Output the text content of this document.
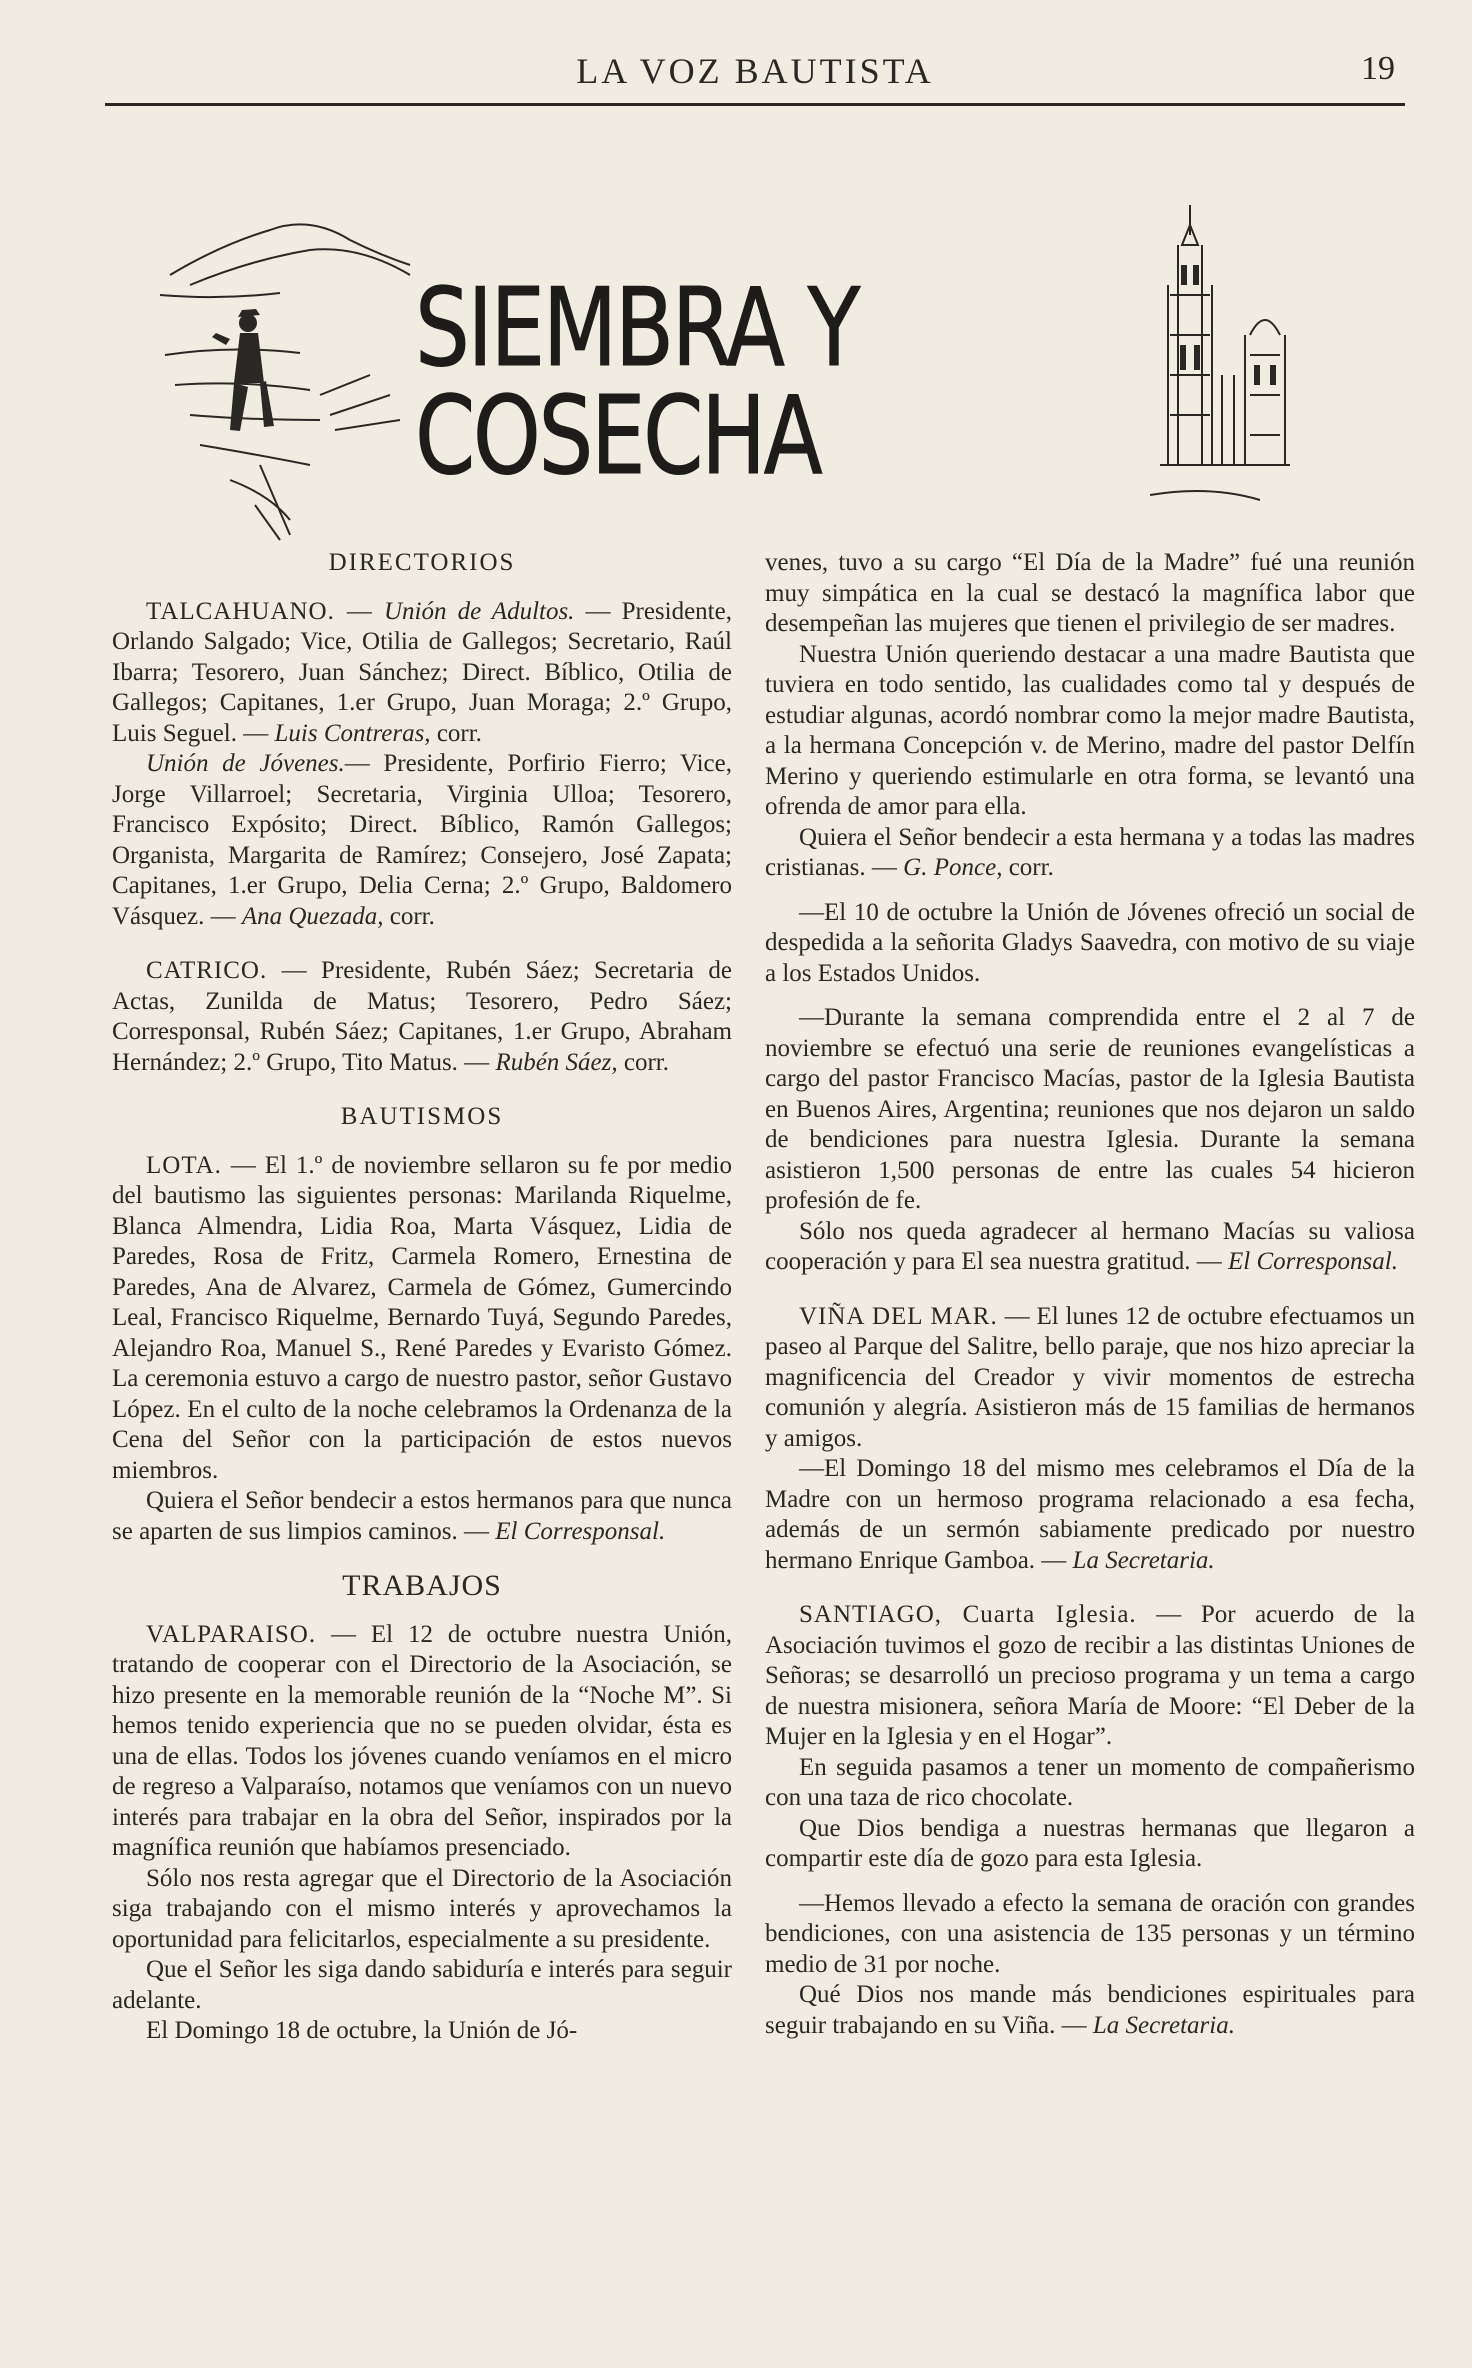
LA VOZ BAUTISTA	19
SIEMBRA Y COSECHA
DIRECTORIOS

TALCAHUANO. — Unión de Adultos. — Presidente, Orlando Salgado; Vice, Otilia de Gallegos; Secretario, Raúl Ibarra; Tesorero, Juan Sánchez; Direct. Bíblico, Otilia de Gallegos; Capitanes, 1.er Grupo, Juan Moraga; 2.º Grupo, Luis Seguel. — Luis Contreras, corr.

Unión de Jóvenes.— Presidente, Porfirio Fierro; Vice, Jorge Villarroel; Secretaria, Virginia Ulloa; Tesorero, Francisco Expósito; Direct. Bíblico, Ramón Gallegos; Organista, Margarita de Ramírez; Consejero, José Zapata; Capitanes, 1.er Grupo, Delia Cerna; 2.º Grupo, Baldomero Vásquez. — Ana Quezada, corr.

CATRICO. — Presidente, Rubén Sáez; Secretaria de Actas, Zunilda de Matus; Tesorero, Pedro Sáez; Corresponsal, Rubén Sáez; Capitanes, 1.er Grupo, Abraham Hernández; 2.º Grupo, Tito Matus. — Rubén Sáez, corr.

BAUTISMOS

LOTA. — El 1.º de noviembre sellaron su fe por medio del bautismo las siguientes personas: Marilanda Riquelme, Blanca Almendra, Lidia Roa, Marta Vásquez, Lidia de Paredes, Rosa de Fritz, Carmela Romero, Ernestina de Paredes, Ana de Alvarez, Carmela de Gómez, Gumercindo Leal, Francisco Riquelme, Bernardo Tuyá, Segundo Paredes, Alejandro Roa, Manuel S., René Paredes y Evaristo Gómez. La ceremonia estuvo a cargo de nuestro pastor, señor Gustavo López. En el culto de la noche celebramos la Ordenanza de la Cena del Señor con la participación de estos nuevos miembros.

Quiera el Señor bendecir a estos hermanos para que nunca se aparten de sus limpios caminos. — El Corresponsal.

TRABAJOS

VALPARAISO. — El 12 de octubre nuestra Unión, tratando de cooperar con el Directorio de la Asociación, se hizo presente en la memorable reunión de la “Noche M”. Si hemos tenido experiencia que no se pueden olvidar, ésta es una de ellas. Todos los jóvenes cuando veníamos en el micro de regreso a Valparaíso, notamos que veníamos con un nuevo interés para trabajar en la obra del Señor, inspirados por la magnífica reunión que habíamos presenciado.

Sólo nos resta agregar que el Directorio de la Asociación siga trabajando con el mismo interés y aprovechamos la oportunidad para felicitarlos, especialmente a su presidente.

Que el Señor les siga dando sabiduría e interés para seguir adelante.

El Domingo 18 de octubre, la Unión de Jó-

venes, tuvo a su cargo “El Día de la Madre” fué una reunión muy simpática en la cual se destacó la magnífica labor que desempeñan las mujeres que tienen el privilegio de ser madres.

Nuestra Unión queriendo destacar a una madre Bautista que tuviera en todo sentido, las cualidades como tal y después de estudiar algunas, acordó nombrar como la mejor madre Bautista, a la hermana Concepción v. de Merino, madre del pastor Delfín Merino y queriendo estimularle en otra forma, se levantó una ofrenda de amor para ella.

Quiera el Señor bendecir a esta hermana y a todas las madres cristianas. — G. Ponce, corr.

—El 10 de octubre la Unión de Jóvenes ofreció un social de despedida a la señorita Gladys Saavedra, con motivo de su viaje a los Estados Unidos.

—Durante la semana comprendida entre el 2 al 7 de noviembre se efectuó una serie de reuniones evangelísticas a cargo del pastor Francisco Macías, pastor de la Iglesia Bautista en Buenos Aires, Argentina; reuniones que nos dejaron un saldo de bendiciones para nuestra Iglesia. Durante la semana asistieron 1,500 personas de entre las cuales 54 hicieron profesión de fe.

Sólo nos queda agradecer al hermano Macías su valiosa cooperación y para El sea nuestra gratitud. — El Corresponsal.

VIÑA DEL MAR. — El lunes 12 de octubre efectuamos un paseo al Parque del Salitre, bello paraje, que nos hizo apreciar la magnificencia del Creador y vivir momentos de estrecha comunión y alegría. Asistieron más de 15 familias de hermanos y amigos.

—El Domingo 18 del mismo mes celebramos el Día de la Madre con un hermoso programa relacionado a esa fecha, además de un sermón sabiamente predicado por nuestro hermano Enrique Gamboa. — La Secretaria.

SANTIAGO, Cuarta Iglesia. — Por acuerdo de la Asociación tuvimos el gozo de recibir a las distintas Uniones de Señoras; se desarrolló un precioso programa y un tema a cargo de nuestra misionera, señora María de Moore: “El Deber de la Mujer en la Iglesia y en el Hogar”.

En seguida pasamos a tener un momento de compañerismo con una taza de rico chocolate.

Que Dios bendiga a nuestras hermanas que llegaron a compartir este día de gozo para esta Iglesia.

—Hemos llevado a efecto la semana de oración con grandes bendiciones, con una asistencia de 135 personas y un término medio de 31 por noche.

Qué Dios nos mande más bendiciones espirituales para seguir trabajando en su Viña. — La Secretaria.
